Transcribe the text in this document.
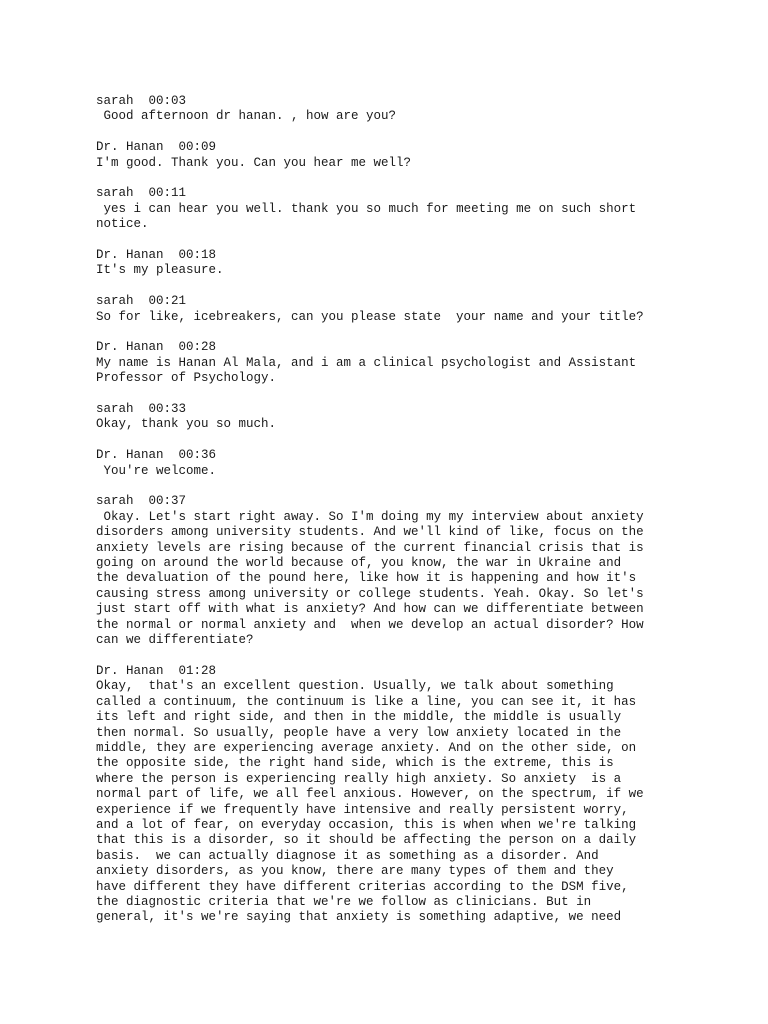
sarah 00:03
Good afternoon dr hanan. , how are you?
Dr. Hanan 00:09
I'm good. Thank you. Can you hear me well?
sarah 00:11
yes i can hear you well. thank you so much for meeting me on such short
notice.
Dr. Hanan 00:18
It's my pleasure.
sarah 00:21
So for like, icebreakers, can you please state  your name and your title?
Dr. Hanan 00:28
My name is Hanan Al Mala, and i am a clinical psychologist and Assistant
Professor of Psychology.
sarah 00:33
Okay, thank you so much.
Dr. Hanan 00:36
You're welcome.
sarah 00:37
Okay. Let's start right away. So I'm doing my my interview about anxiety
disorders among university students. And we'll kind of like, focus on the
anxiety levels are rising because of the current financial crisis that is
going on around the world because of, you know, the war in Ukraine and
the devaluation of the pound here, like how it is happening and how it's
causing stress among university or college students. Yeah. Okay. So let's
just start off with what is anxiety? And how can we differentiate between
the normal or normal anxiety and  when we develop an actual disorder? How
can we differentiate?
Dr. Hanan 01:28
Okay,  that's an excellent question. Usually, we talk about something
called a continuum, the continuum is like a line, you can see it, it has
its left and right side, and then in the middle, the middle is usually
then normal. So usually, people have a very low anxiety located in the
middle, they are experiencing average anxiety. And on the other side, on
the opposite side, the right hand side, which is the extreme, this is
where the person is experiencing really high anxiety. So anxiety  is a
normal part of life, we all feel anxious. However, on the spectrum, if we
experience if we frequently have intensive and really persistent worry,
and a lot of fear, on everyday occasion, this is when when we're talking
that this is a disorder, so it should be affecting the person on a daily
basis.  we can actually diagnose it as something as a disorder. And
anxiety disorders, as you know, there are many types of them and they
have different they have different criterias according to the DSM five,
the diagnostic criteria that we're we follow as clinicians. But in
general, it's we're saying that anxiety is something adaptive, we need
